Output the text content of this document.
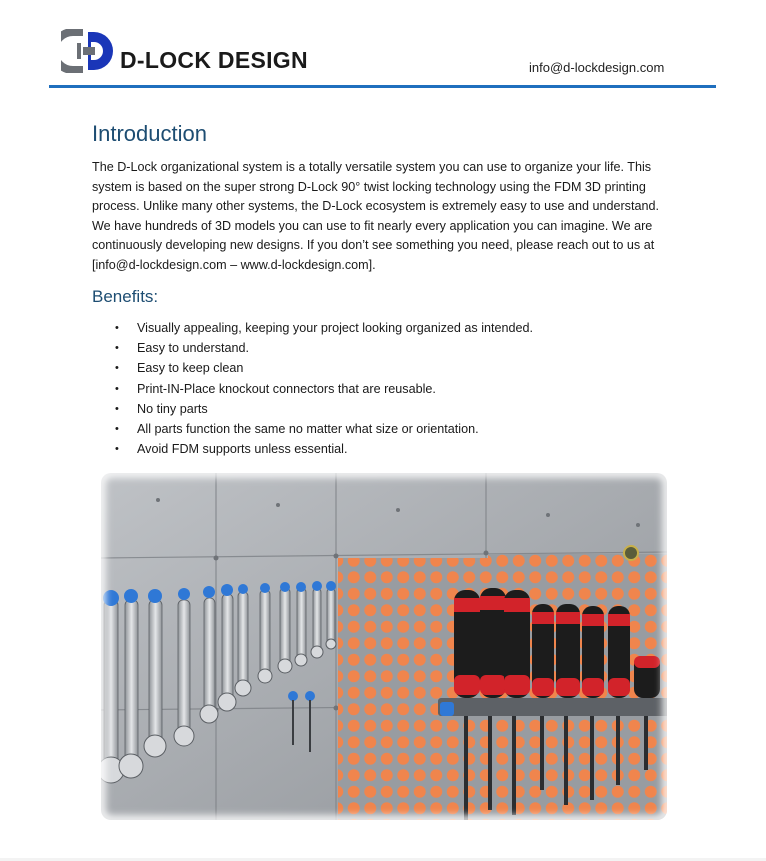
D-LOCK DESIGN	info@d-lockdesign.com
Introduction

The D-Lock organizational system is a totally versatile system you can use to organize your life. This system is based on the super strong D-Lock 90° twist locking technology using the FDM 3D printing process. Unlike many other systems, the D-Lock ecosystem is extremely easy to use and understand. We have hundreds of 3D models you can use to fit nearly every application you can imagine. We are continuously developing new designs. If you don’t see something you need, please reach out to us at [info@d-lockdesign.com – www.d-lockdesign.com].

Benefits:
• Visually appealing, keeping your project looking organized as intended.
• Easy to understand.
• Easy to keep clean
• Print-IN-Place knockout connectors that are reusable.
• No tiny parts
• All parts function the same no matter what size or orientation.
• Avoid FDM supports unless essential.
